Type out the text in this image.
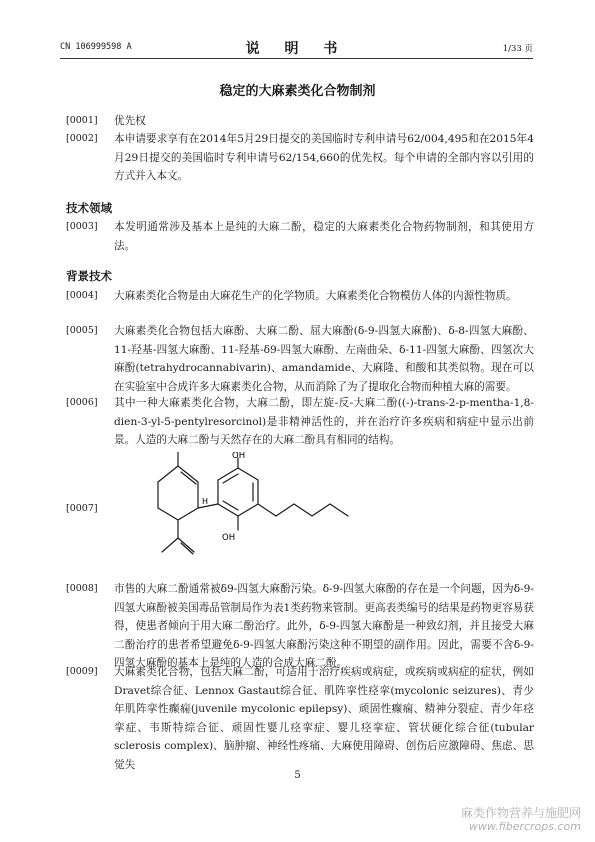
CN 106999598 A	说 明 书	1/33 页
稳定的大麻素类化合物制剂
[0001]	优先权
[0002]	本申请要求享有在2014年5月29日提交的美国临时专利申请号62/004,495和在2015年4月29日提交的美国临时专利申请号62/154,660的优先权。每个申请的全部内容以引用的方式并入本文。
技术领域
[0003]	本发明通常涉及基本上是纯的大麻二酚，稳定的大麻素类化合物药物制剂，和其使用方法。
背景技术
[0004]	大麻素类化合物是由大麻花生产的化学物质。大麻素类化合物模仿人体的内源性物质。
[0005]	大麻素类化合物包括大麻酚、大麻二酚、屈大麻酚(δ-9-四氢大麻酚)、δ-8-四氢大麻酚、11-羟基-四氢大麻酚、11-羟基-δ9-四氢大麻酚、左南曲朵、δ-11-四氢大麻酚、四氢次大麻酚(tetrahydrocannabivarin)、amandamide、大麻隆、和酸和其类似物。现在可以在实验室中合成许多大麻素类化合物，从而消除了为了提取化合物而种植大麻的需要。
[0006]	其中一种大麻素类化合物，大麻二酚，即左旋-反-大麻二酚((-)-trans-2-p-mentha-1,8-dien-3-yl-5-pentylresorcinol)是非精神活性的，并在治疗许多疾病和病症中显示出前景。人造的大麻二酚与天然存在的大麻二酚具有相同的结构。
[0007]
OH
OH
H
[0008]	市售的大麻二酚通常被δ9-四氢大麻酚污染。δ-9-四氢大麻酚的存在是一个问题，因为δ-9-四氢大麻酚被美国毒品管制局作为表1类药物来管制。更高表类编号的结果是药物更容易获得，使患者倾向于用大麻二酚治疗。此外，δ-9-四氢大麻酚是一种致幻剂，并且接受大麻二酚治疗的患者希望避免δ-9-四氢大麻酚污染这种不期望的副作用。因此，需要不含δ-9-四氢大麻酚的基本上是纯的人造的合成大麻二酚。
[0009]	大麻素类化合物，包括大麻二酚，可适用于治疗疾病或病症，或疾病或病症的症状，例如Dravet综合征、Lennox Gastaut综合征、肌阵挛性痉挛(mycolonic seizures)、青少年肌阵挛性癫痫(juvenile mycolonic epilepsy)、顽固性癫痫、精神分裂症、青少年痉挛症、韦斯特综合征、顽固性婴儿痉挛症、婴儿痉挛症、管状硬化综合征(tubular sclerosis complex)、脑肿瘤、神经性疼痛、大麻使用障碍、创伤后应激障碍、焦虑、思觉失
5
麻类作物营养与施肥网
www.fibercrops.com
